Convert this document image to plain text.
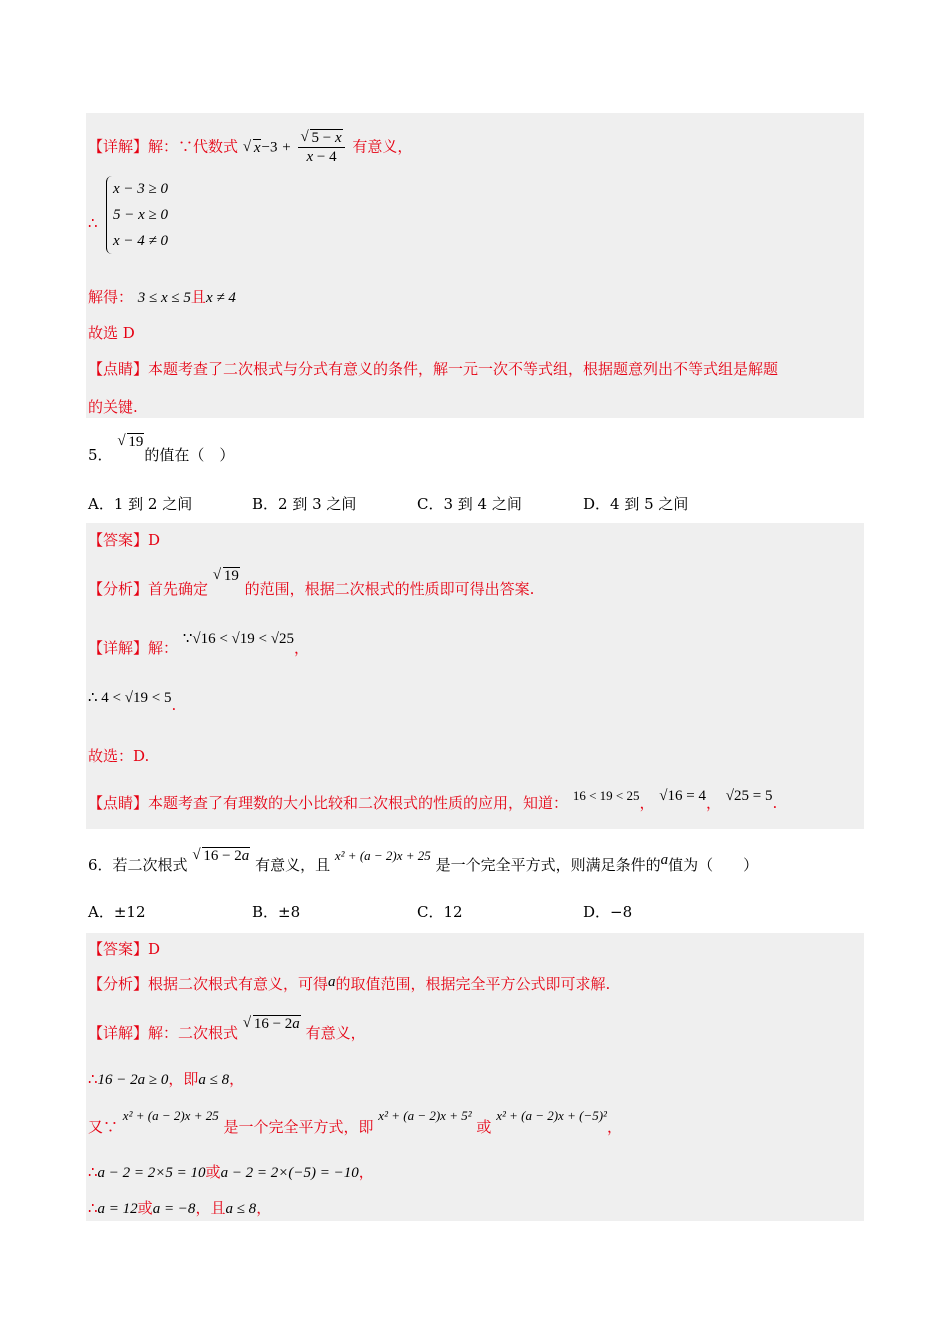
【详解】解：∵代数式 √ x−3 + √ $\frac{5 - x}{x - 4}$ 有意义，
∴
x − 3 ≥ 0
5 − x ≥ 0
x − 4 ≠ 0
解得： 3 ≤ x ≤ 5且x ≠ 4
故选 D
【点睛】本题考查了二次根式与分式有意义的条件，解一元一次不等式组，根据题意列出不等式组是解题
的关键.
5． √ 19的值在（　）
A．1 到 2 之间	B．2 到 3 之间	C．3 到 4 之间	D．4 到 5 之间
【答案】D
【分析】首先确定 √ 19 的范围，根据二次根式的性质即可得出答案.
【详解】解： ∵√16 < √19 < √25，
∴ 4 < √19 < 5.
故选：D.
【点睛】本题考查了有理数的大小比较和二次根式的性质的应用，知道： 16 < 19 < 25， √16 = 4， √25 = 5.
6．若二次根式 √ 16 − 2a 有意义，且 x² + (a − 2)x + 25 是一个完全平方式，则满足条件的a值为（　　）
A．±12	B．±8	C．12	D．−8
【答案】D
【分析】根据二次根式有意义，可得a的取值范围，根据完全平方公式即可求解.
【详解】解：二次根式 √ 16 − 2a 有意义，
∴16 − 2a ≥ 0，即a ≤ 8，
又∵ x² + (a − 2)x + 25 是一个完全平方式，即 x² + (a − 2)x + 5² 或 x² + (a − 2)x + (−5)²，
∴a − 2 = 2×5 = 10或a − 2 = 2×(−5) = −10，
∴a = 12或a = −8，且a ≤ 8，
